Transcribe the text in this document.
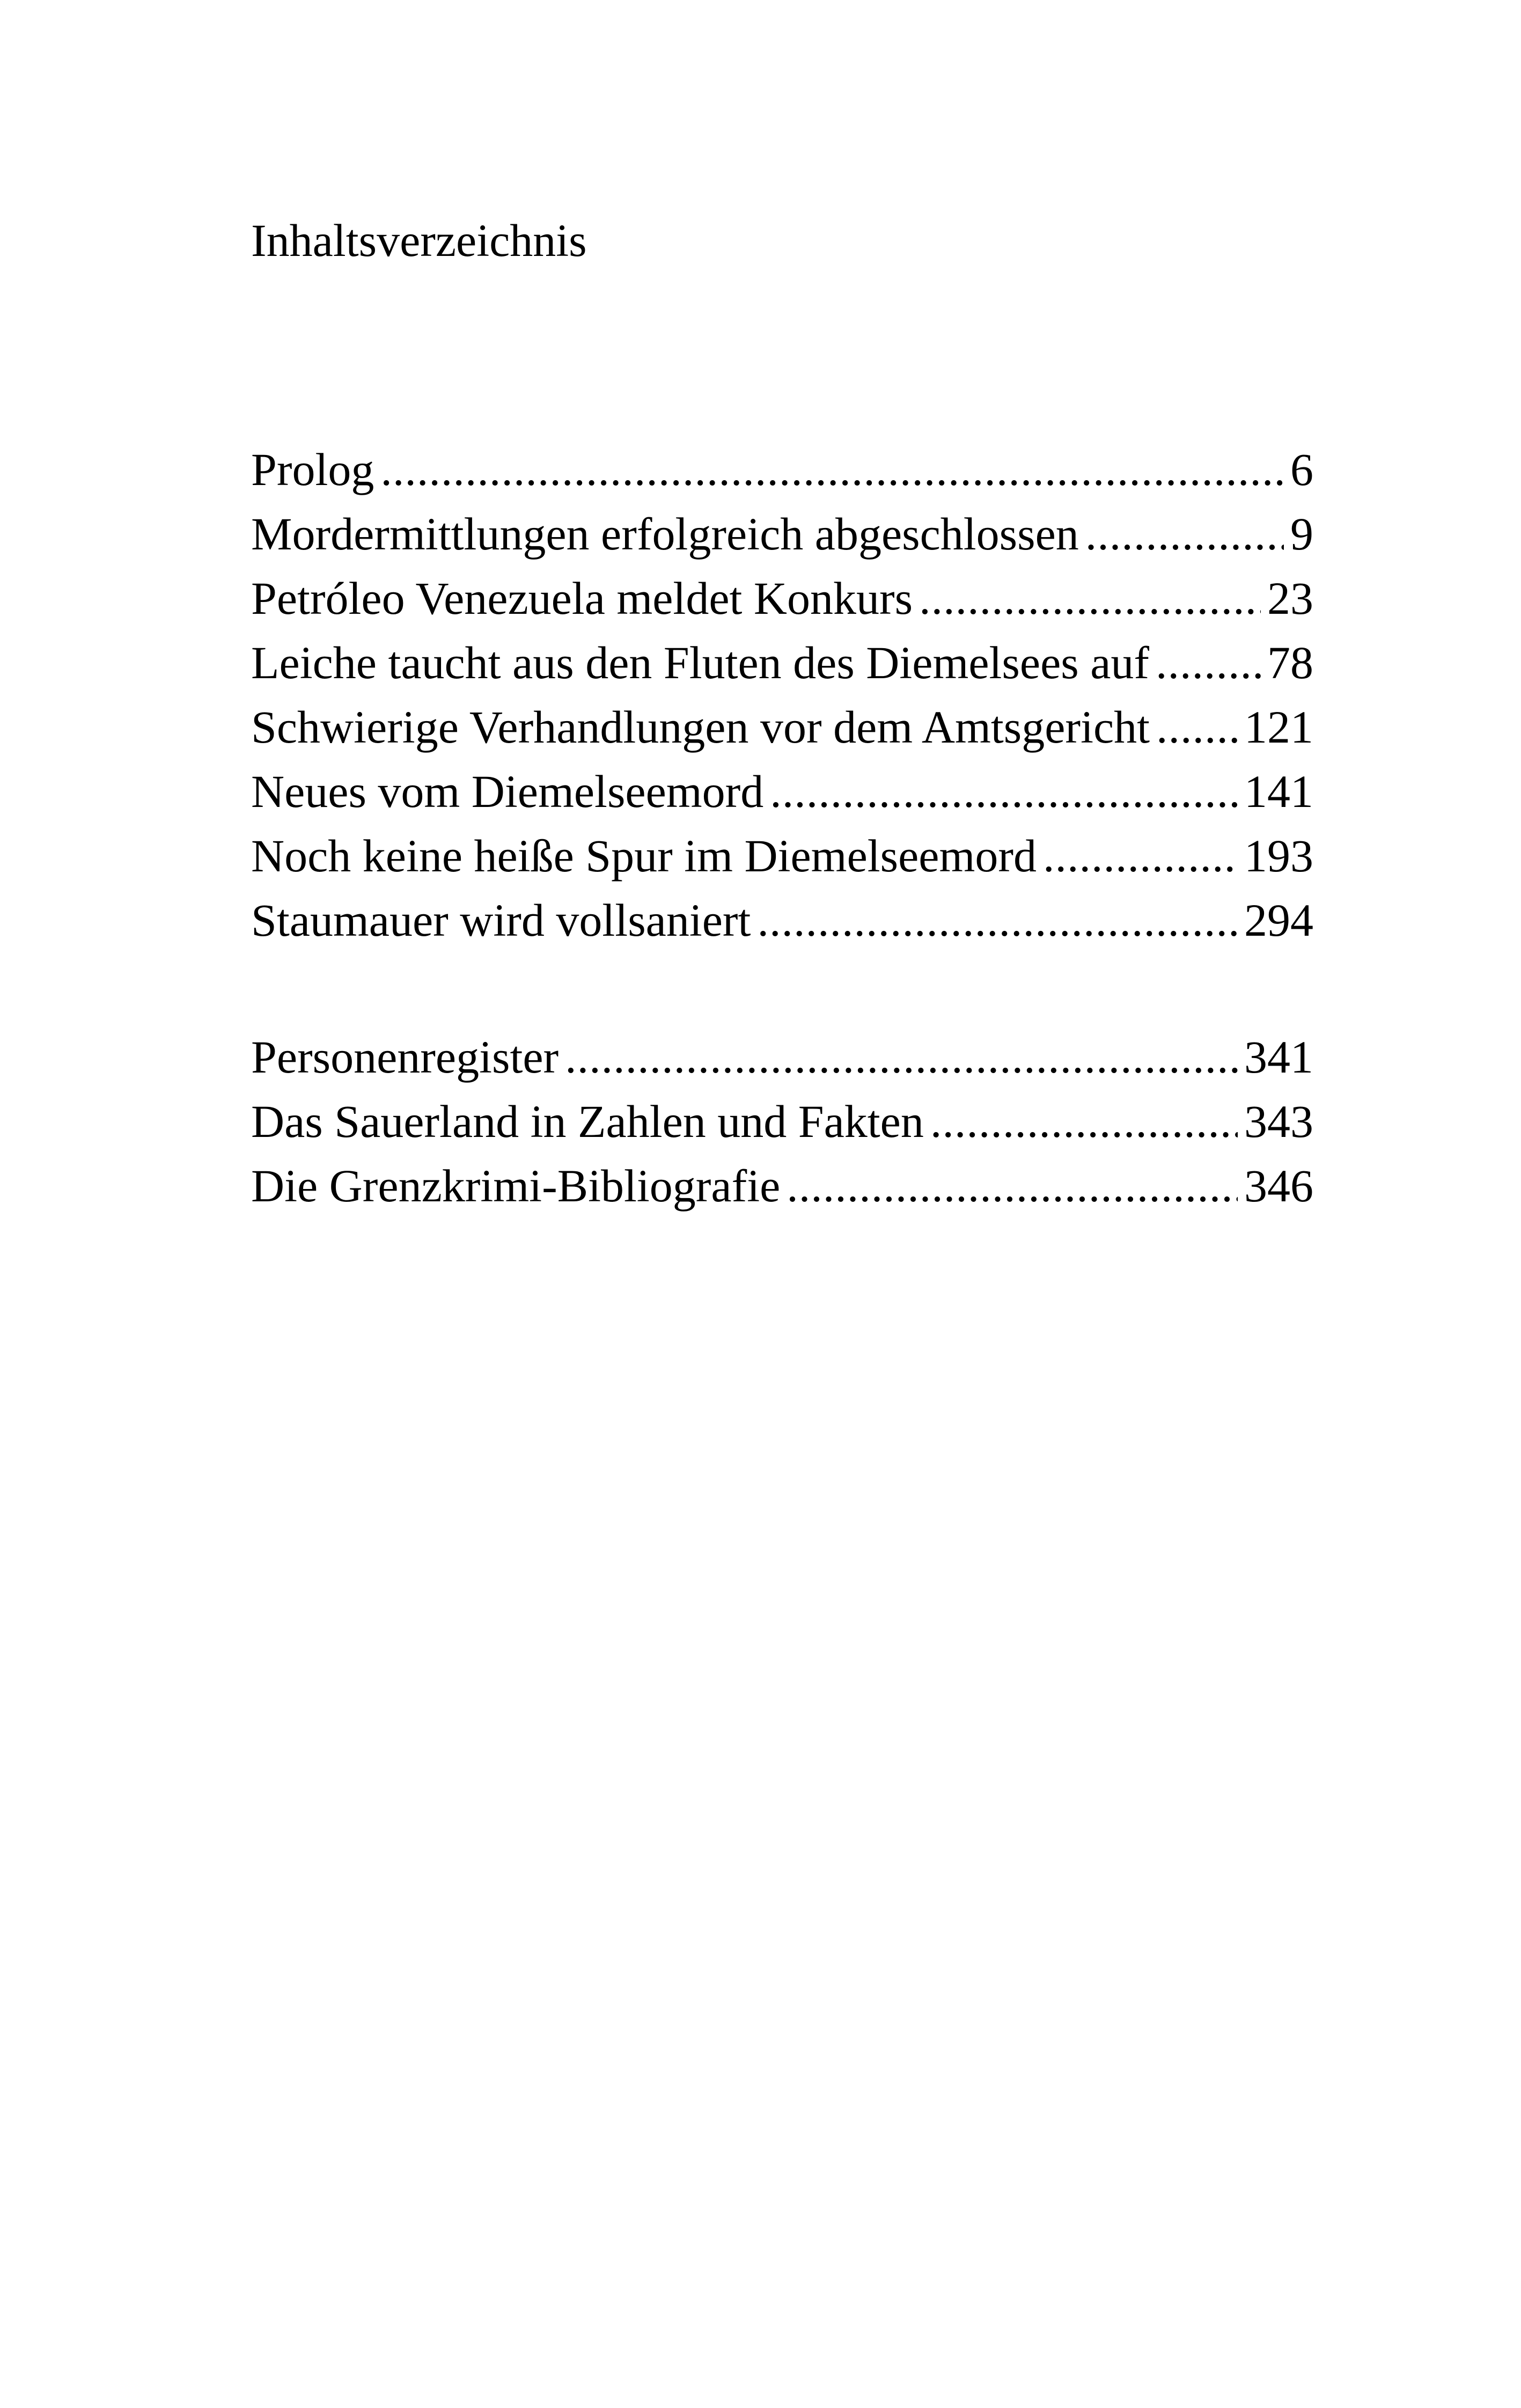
Inhaltsverzeichnis
Prolog .....	6
Mordermittlungen erfolgreich abgeschlossen .....	9
Petróleo Venezuela meldet Konkurs .....	23
Leiche taucht aus den Fluten des Diemelsees auf .....	78
Schwierige Verhandlungen vor dem Amtsgericht ..... 121
Neues vom Diemelseemord .....	141
Noch keine heiße Spur im Diemelseemord .....	193
Staumauer wird vollsaniert .....	294
Personenregister .....	341
Das Sauerland in Zahlen und Fakten .....	343
Die Grenzkrimi-Bibliografie .....	346
